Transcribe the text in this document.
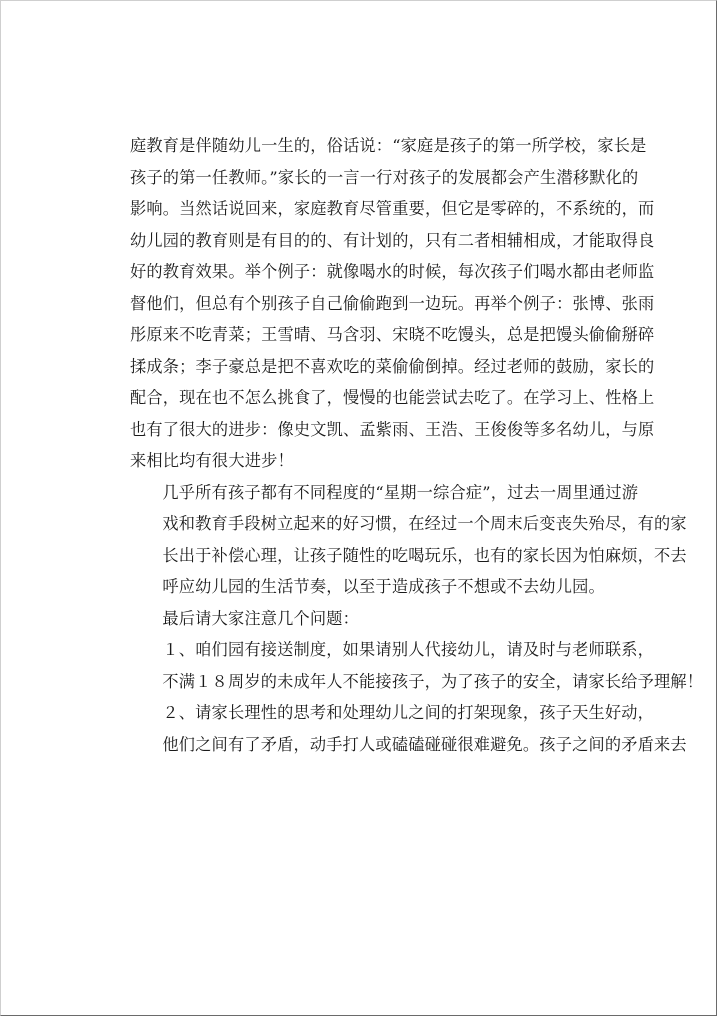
庭教育是伴随幼儿一生的，俗话说：“家庭是孩子的第一所学校，家长是
孩子的第一任教师。”家长的一言一行对孩子的发展都会产生潜移默化的
影响。当然话说回来，家庭教育尽管重要，但它是零碎的，不系统的，而
幼儿园的教育则是有目的的、有计划的，只有二者相辅相成，才能取得良
好的教育效果。举个例子：就像喝水的时候，每次孩子们喝水都由老师监
督他们，但总有个别孩子自己偷偷跑到一边玩。再举个例子：张博、张雨
彤原来不吃青菜；王雪晴、马含羽、宋晓不吃馒头，总是把馒头偷偷掰碎
揉成条；李子豪总是把不喜欢吃的菜偷偷倒掉。经过老师的鼓励，家长的
配合，现在也不怎么挑食了，慢慢的也能尝试去吃了。在学习上、性格上
也有了很大的进步：像史文凯、孟紫雨、王浩、王俊俊等多名幼儿，与原
来相比均有很大进步！

几乎所有孩子都有不同程度的“星期一综合症”，过去一周里通过游
戏和教育手段树立起来的好习惯，在经过一个周末后变丧失殆尽，有的家
长出于补偿心理，让孩子随性的吃喝玩乐，也有的家长因为怕麻烦，不去
呼应幼儿园的生活节奏，以至于造成孩子不想或不去幼儿园。

最后请大家注意几个问题：

１、咱们园有接送制度，如果请别人代接幼儿，请及时与老师联系，
不满１８周岁的未成年人不能接孩子，为了孩子的安全，请家长给予理解！

２、请家长理性的思考和处理幼儿之间的打架现象，孩子天生好动，
他们之间有了矛盾，动手打人或磕磕碰碰很难避免。孩子之间的矛盾来去
